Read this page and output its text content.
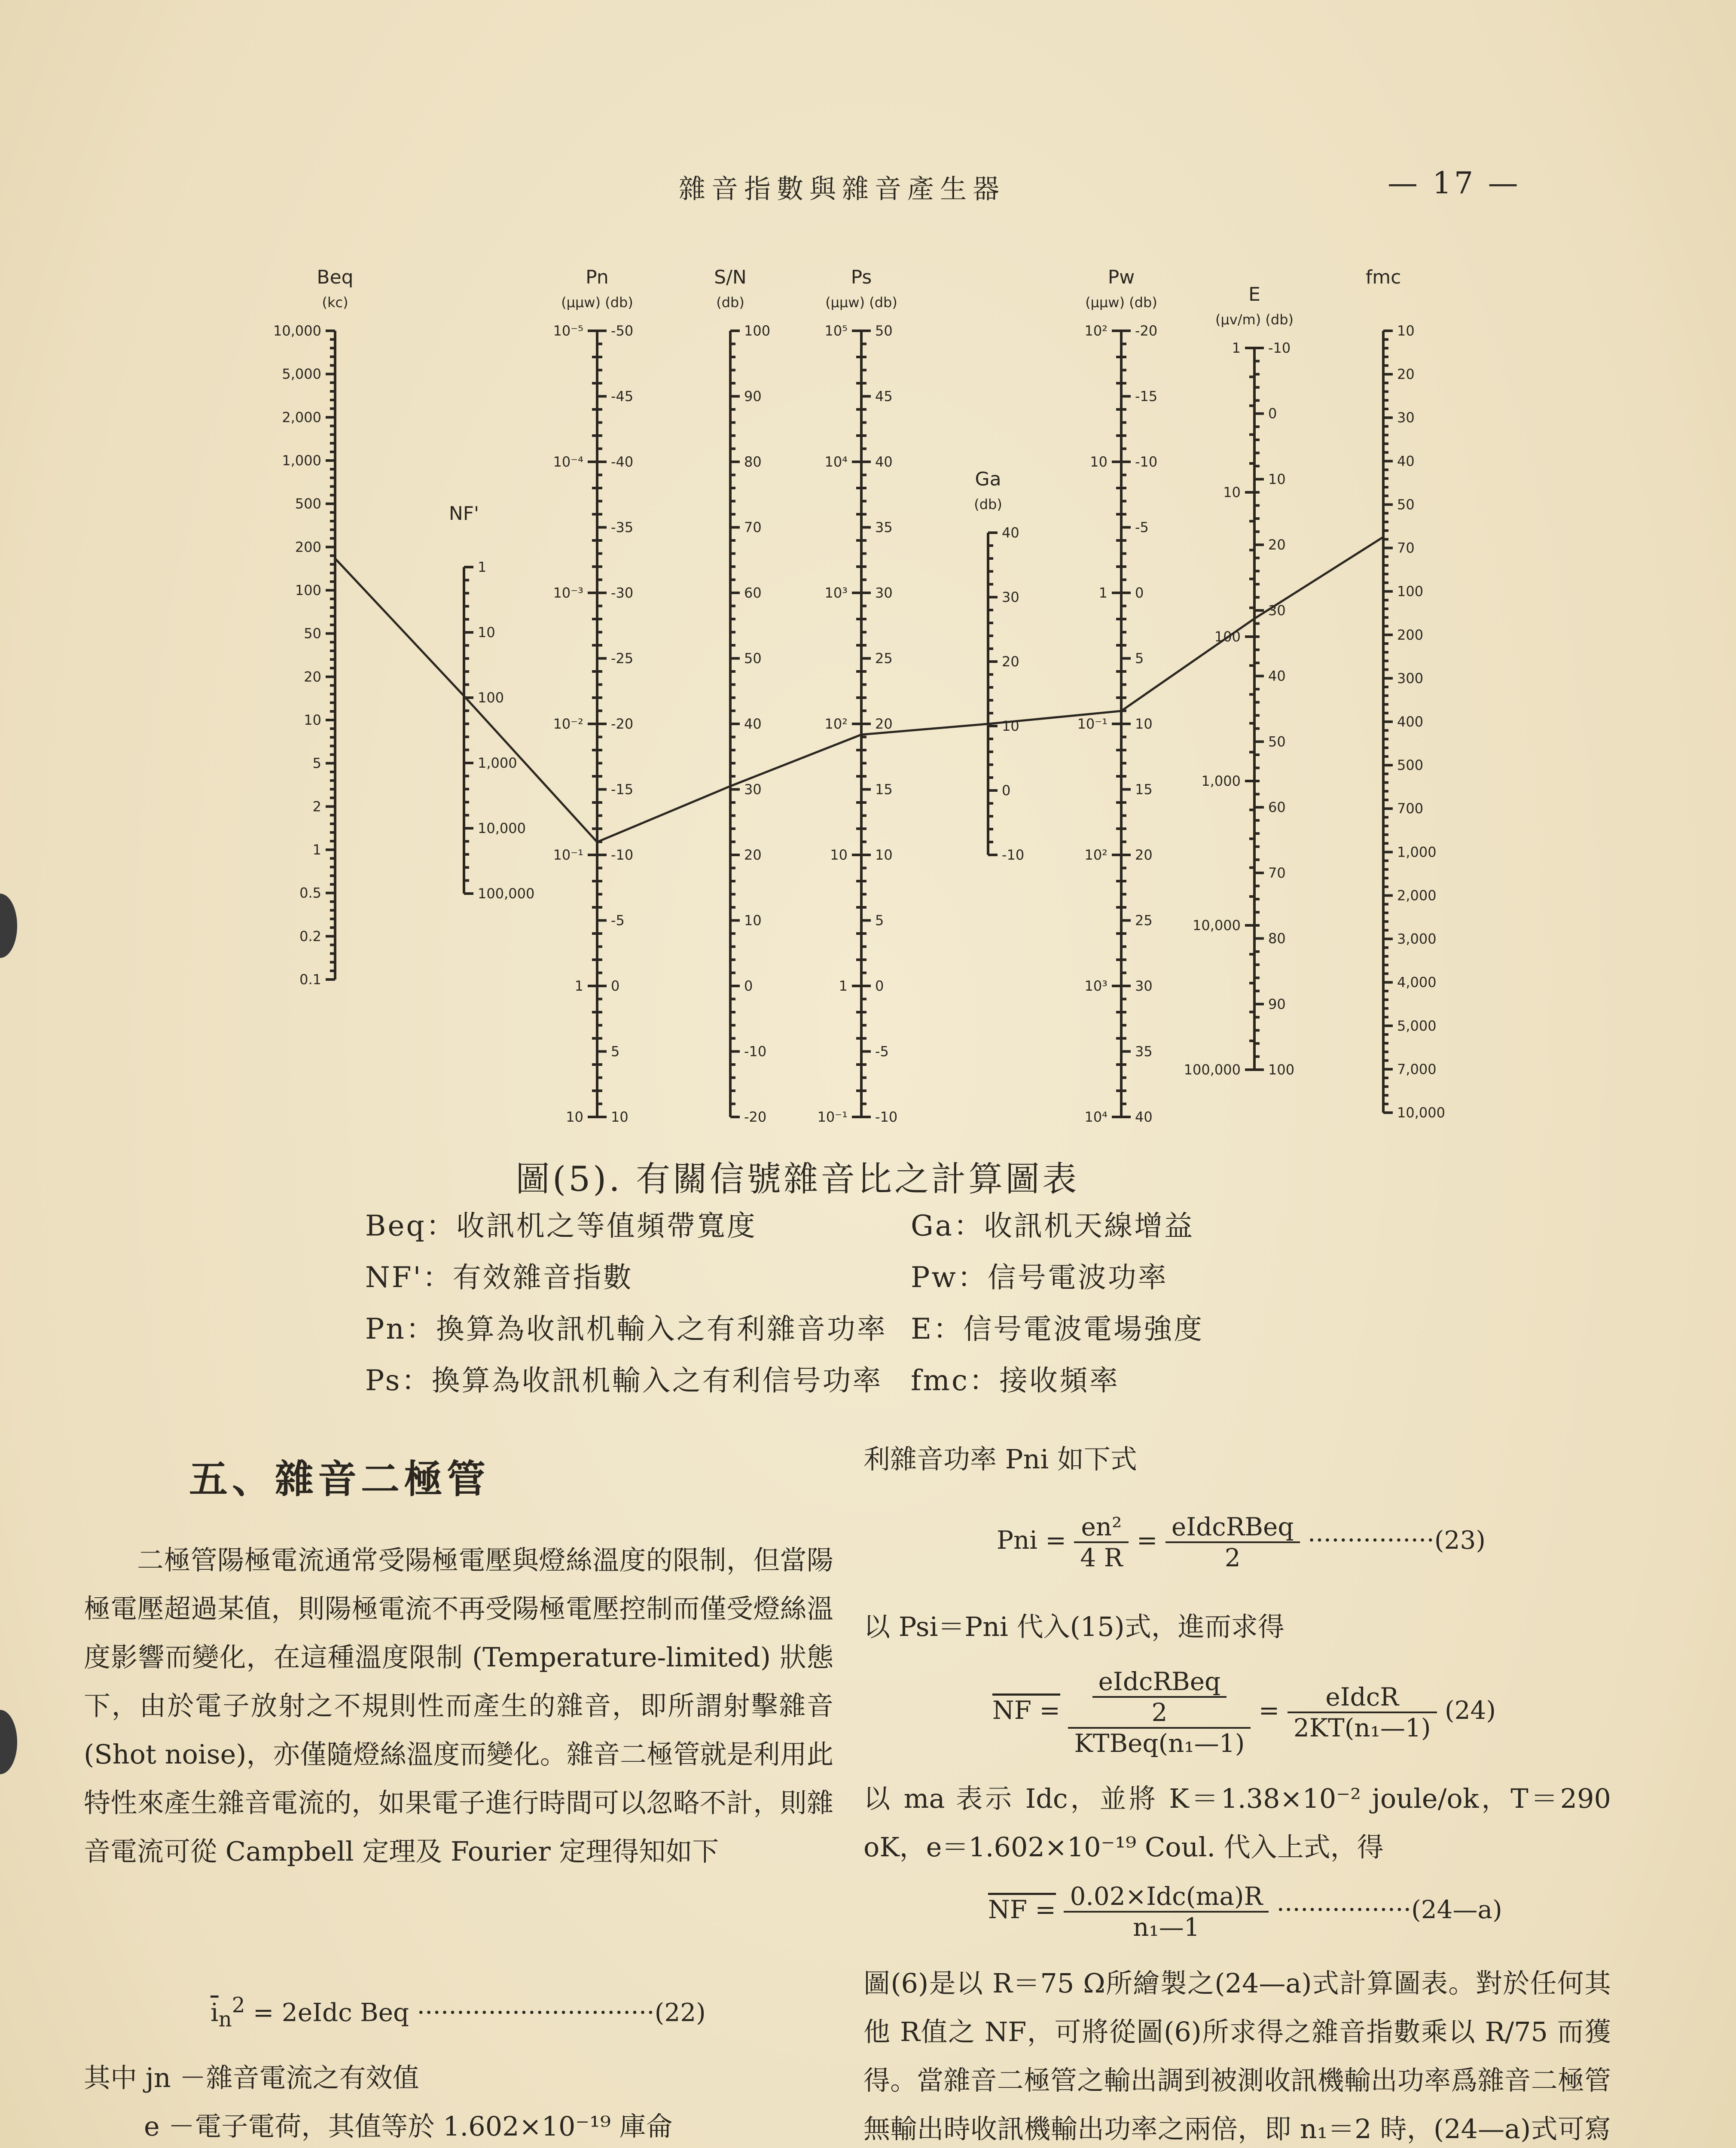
雜音指數與雜音產生器	— 17 —
Beq
(kc)
10,000
5,000
2,000
1,000
500
200
100
50
20
10
5
2
1
0.5
0.2
0.1
NF'
1
10
100
1,000
10,000
100,000
Pn
(μμw) (db)
10⁻⁵
10⁻⁴
10⁻³
10⁻²
10⁻¹
1
10
-50
-45
-40
-35
-30
-25
-20
-15
-10
-5
0
5
10
S/N
(db)
100
90
80
70
60
50
40
30
20
10
0
-10
-20
Ps
(μμw) (db)
10⁵
10⁴
10³
10²
10
1
10⁻¹
50
45
40
35
30
25
20
15
10
5
0
-5
-10
Ga
(db)
40
30
20
10
0
-10
Pw
(μμw) (db)
10²
10
1
10⁻¹
10²
10³
10⁴
-20
-15
-10
-5
0
5
10
15
20
25
30
35
40
E
(μv/m) (db)
1
10
100
1,000
10,000
100,000
-10
0
10
20
30
40
50
60
70
80
90
100
fmc
10
20
30
40
50
70
100
200
300
400
500
700
1,000
2,000
3,000
4,000
5,000
7,000
10,000
圖(5). 有關信號雜音比之計算圖表
Beq：收訊机之等值頻帶寬度
NF'：有效雜音指數
Pn：換算為收訊机輸入之有利雜音功率
Ps：換算為收訊机輸入之有利信号功率
Ga：收訊机天線增益
Pw：信号電波功率
E：信号電波電場強度
fmc：接收頻率
五、雜音二極管

二極管陽極電流通常受陽極電壓與燈絲溫度的限制，但當陽極電壓超過某值，則陽極電流不再受陽極電壓控制而僅受燈絲溫度影響而變化，在這種溫度限制 (Temperature-limited) 狀態下，由於電子放射之不規則性而產生的雜音，即所謂射擊雜音(Shot noise)，亦僅隨燈絲溫度而變化。雜音二極管就是利用此特性來產生雜音電流的，如果電子進行時間可以忽略不計，則雜音電流可從 Campbell 定理及 Fourier 定理得知如下

$\overline{i}_n^2$ = 2eIdc Beq ······························(22)

其中 jn －雜音電流之有效值

e －電子電荷，其值等於 1.602×10⁻¹⁹ 庫侖

利雜音功率 Pni 如下式

Pni = $\frac{\text{en²}}{4 R} = \frac{\text{eIdcRBeq}}{2} \cdot\cdot\cdot\cdot\cdot\cdot\cdot\cdot\cdot\cdot\cdot\cdot\cdot\cdot\cdot\cdot(23)$

以 Psi＝Pni 代入(15)式，進而求得

NF = $\frac{\frac{\text{eIdcRBeq}}{2}}{\text{KTBeq(n₁—1)}} = \frac{\text{eIdcR}}{\text{2KT(n₁—1)}} (24)$

以 ma 表示 Idc，並將 K＝1.38×10⁻² joule/ok，T＝290 oK，e＝1.602×10⁻¹⁹ Coul. 代入上式，得

NF = $\frac{\text{0.02×Idc(ma)R}}{\text{n₁—1}}$ ·················(24—a)

圖(6)是以 R＝75 Ω所繪製之(24—a)式計算圖表。對於任何其他 R值之 NF，可將從圖(6)所求得之雜音指數乘以 R/75 而獲得。當雜音二極管之輸出調到被測收訊機輸出功率爲雜音二極管無輸出時收訊機輸出功率之兩倍，即 n₁＝2 時，(24—a)式可寫
